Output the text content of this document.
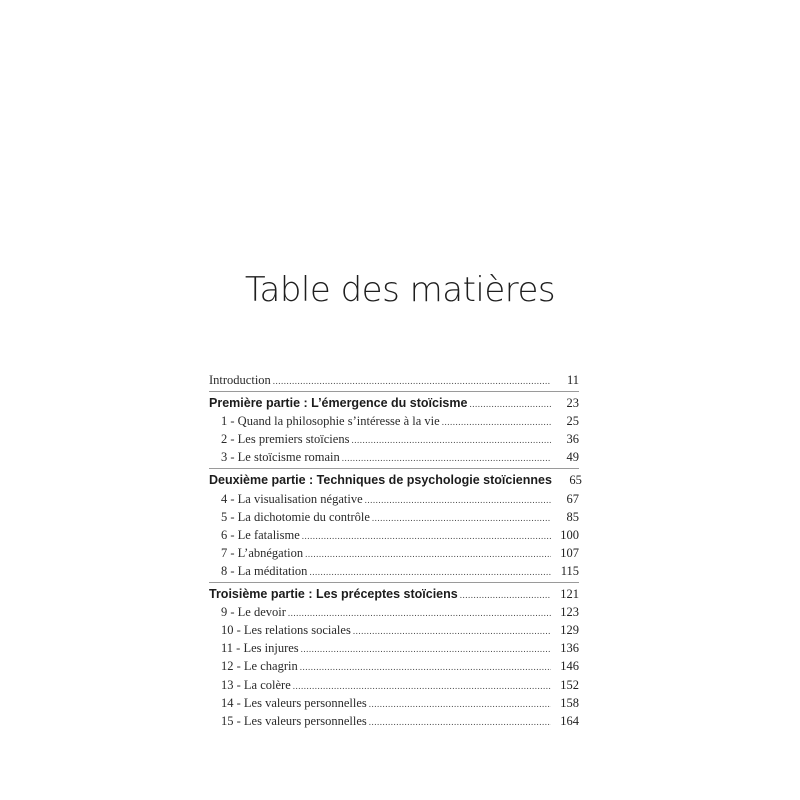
Table des matières
Introduction .....	11
Première partie : L’émergence du stoïcisme .....	23
1 - Quand la philosophie s’intéresse à la vie .....	25
2 - Les premiers stoïciens .....	36
3 - Le stoïcisme romain .....	49
Deuxième partie : Techniques de psychologie stoïciennes	65
4 - La visualisation négative .....	67
5 - La dichotomie du contrôle .....	85
6 - Le fatalisme .....	100
7 - L’abnégation .....	107
8 - La méditation .....	115
Troisième partie : Les préceptes stoïciens .....	121
9 - Le devoir .....	123
10 - Les relations sociales .....	129
11 - Les injures .....	136
12 - Le chagrin .....	146
13 - La colère .....	152
14 - Les valeurs personnelles .....	158
15 - Les valeurs personnelles .....	164
